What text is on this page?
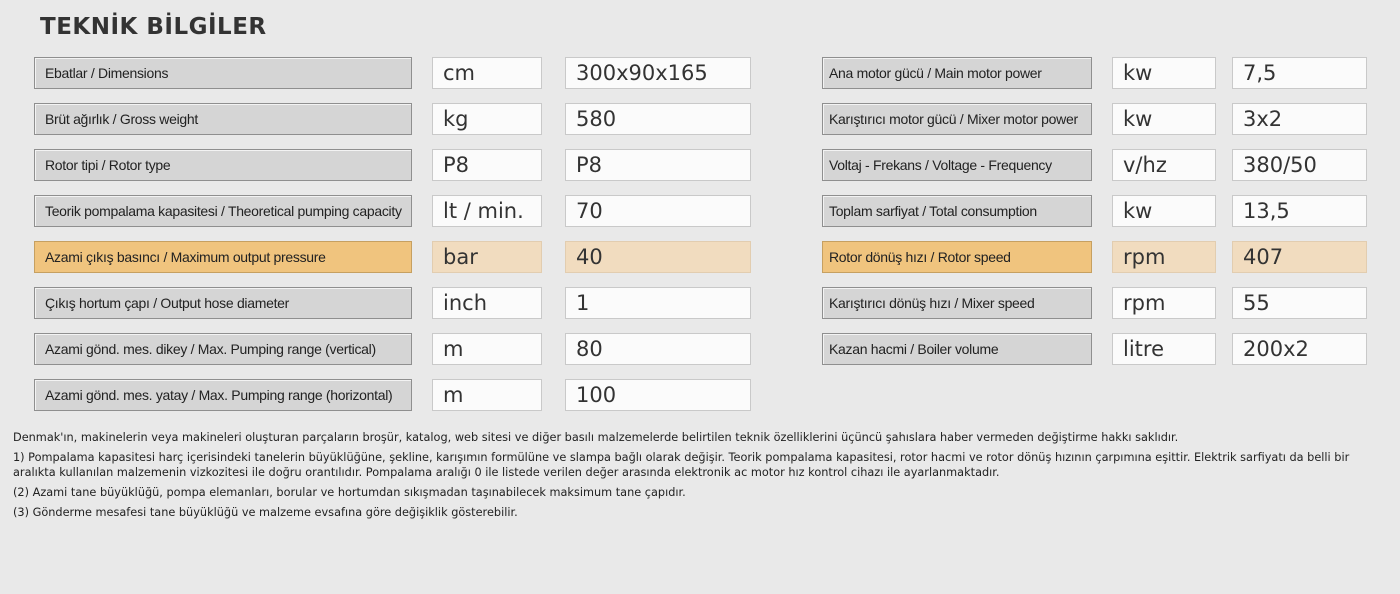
TEKNİK BİLGİLER
Ebatlar / Dimensions	cm	300x90x165
Brüt ağırlık / Gross weight	kg	580
Rotor tipi / Rotor type	P8	P8
Teorik pompalama kapasitesi / Theoretical pumping capacity	lt / min.	70
Azami çıkış basıncı / Maximum output pressure	bar	40
Çıkış hortum çapı / Output hose diameter	inch	1
Azami gönd. mes. dikey / Max. Pumping range (vertical)	m	80
Azami gönd. mes. yatay / Max. Pumping range (horizontal)	m	100
Ana motor gücü / Main motor power	kw	7,5
Karıştırıcı motor gücü / Mixer motor power	kw	3x2
Voltaj - Frekans / Voltage - Frequency	v/hz	380/50
Toplam sarfiyat / Total consumption	kw	13,5
Rotor dönüş hızı / Rotor speed	rpm	407
Karıştırıcı dönüş hızı / Mixer speed	rpm	55
Kazan hacmi / Boiler volume	litre	200x2

Denmak'ın, makinelerin veya makineleri oluşturan parçaların broşür, katalog, web sitesi ve diğer basılı malzemelerde belirtilen teknik özelliklerini üçüncü şahıslara haber vermeden değiştirme hakkı saklıdır.

1) Pompalama kapasitesi harç içerisindeki tanelerin büyüklüğüne, şekline, karışımın formülüne ve slampa bağlı olarak değişir. Teorik pompalama kapasitesi, rotor hacmi ve rotor dönüş hızının çarpımına eşittir. Elektrik sarfiyatı da belli bir aralıkta kullanılan malzemenin vizkozitesi ile doğru orantılıdır. Pompalama aralığı 0 ile listede verilen değer arasında elektronik ac motor hız kontrol cihazı ile ayarlanmaktadır.

(2) Azami tane büyüklüğü, pompa elemanları, borular ve hortumdan sıkışmadan taşınabilecek maksimum tane çapıdır.

(3) Gönderme mesafesi tane büyüklüğü ve malzeme evsafına göre değişiklik gösterebilir.
